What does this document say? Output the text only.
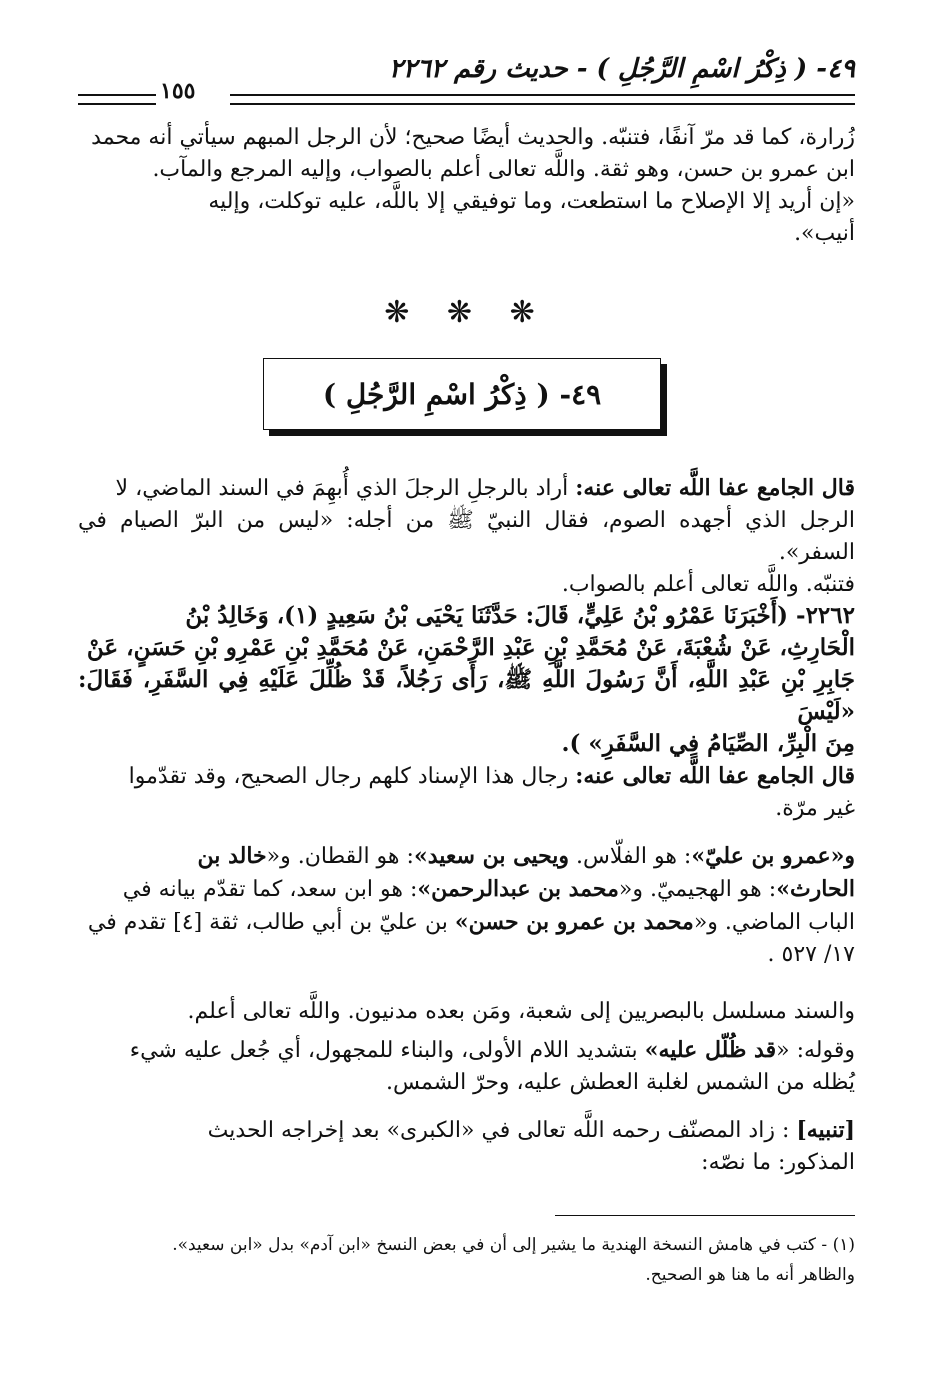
٤٩- ( ذِكْرُ اسْمِ الرَّجُلِ ) - حديث رقم ٢٢٦٢
١٥٥

زُرارة، كما قد مرّ آنفًا، فتنبّه. والحديث أيضًا صحيح؛ لأن الرجل المبهم سيأتي أنه محمد

ابن عمرو بن حسن، وهو ثقة. واللَّه تعالى أعلم بالصواب، وإليه المرجع والمآب.

«إن أريد إلا الإصلاح ما استطعت، وما توفيقي إلا باللَّه، عليه توكلت، وإليه

أنيب».

❋ ❋ ❋
٤٩- ( ذِكْرُ اسْمِ الرَّجُلِ )

قال الجامع عفا اللَّه تعالى عنه: أراد بالرجلِ الرجلَ الذي أُبهِمَ في السند الماضي، لا

الرجل الذي أجهده الصوم، فقال النبيّ ﷺ من أجله: «ليس من البرّ الصيام في السفر».

فتنبّه. واللَّه تعالى أعلم بالصواب.

٢٢٦٢- (أَخْبَرَنَا عَمْرُو بْنُ عَلِيٍّ، قَالَ: حَدَّثَنَا يَحْيَى بْنُ سَعِيدٍ (١)، وَخَالِدُ بْنُ

الْحَارِثِ، عَنْ شُعْبَةَ، عَنْ مُحَمَّدِ بْنِ عَبْدِ الرَّحْمَنِ، عَنْ مُحَمَّدِ بْنِ عَمْرِو بْنِ حَسَنٍ، عَنْ

جَابِرِ بْنِ عَبْدِ اللَّهِ، أَنَّ رَسُولَ اللَّهِ ﷺ، رَأَى رَجُلاً، قَدْ ظُلِّلَ عَلَيْهِ فِي السَّفَرِ، فَقَالَ: «لَيْسَ

مِنَ الْبِرِّ، الصِّيَامُ فِي السَّفَرِ» ).

قال الجامع عفا اللَّه تعالى عنه: رجال هذا الإسناد كلهم رجال الصحيح، وقد تقدّموا

غير مرّة.

و«عمرو بن عليّ»: هو الفلّاس. ويحيى بن سعيد»: هو القطان. و«خالد بن

الحارث»: هو الهجيميّ. و«محمد بن عبدالرحمن»: هو ابن سعد، كما تقدّم بيانه في

الباب الماضي. و«محمد بن عمرو بن حسن» بن عليّ بن أبي طالب، ثقة [٤] تقدم في

١٧/ ٥٢٧ .

والسند مسلسل بالبصريين إلى شعبة، ومَن بعده مدنيون. واللَّه تعالى أعلم.

وقوله: «قد ظُلّل عليه» بتشديد اللام الأولى، والبناء للمجهول، أي جُعل عليه شيء

يُظله من الشمس لغلبة العطش عليه، وحرّ الشمس.

[تنبيه] : زاد المصنّف رحمه اللَّه تعالى في «الكبرى» بعد إخراجه الحديث

المذكور: ما نصّه:

(١) - كتب في هامش النسخة الهندية ما يشير إلى أن في بعض النسخ «ابن آدم» بدل «ابن سعيد».

والظاهر أنه ما هنا هو الصحيح.
